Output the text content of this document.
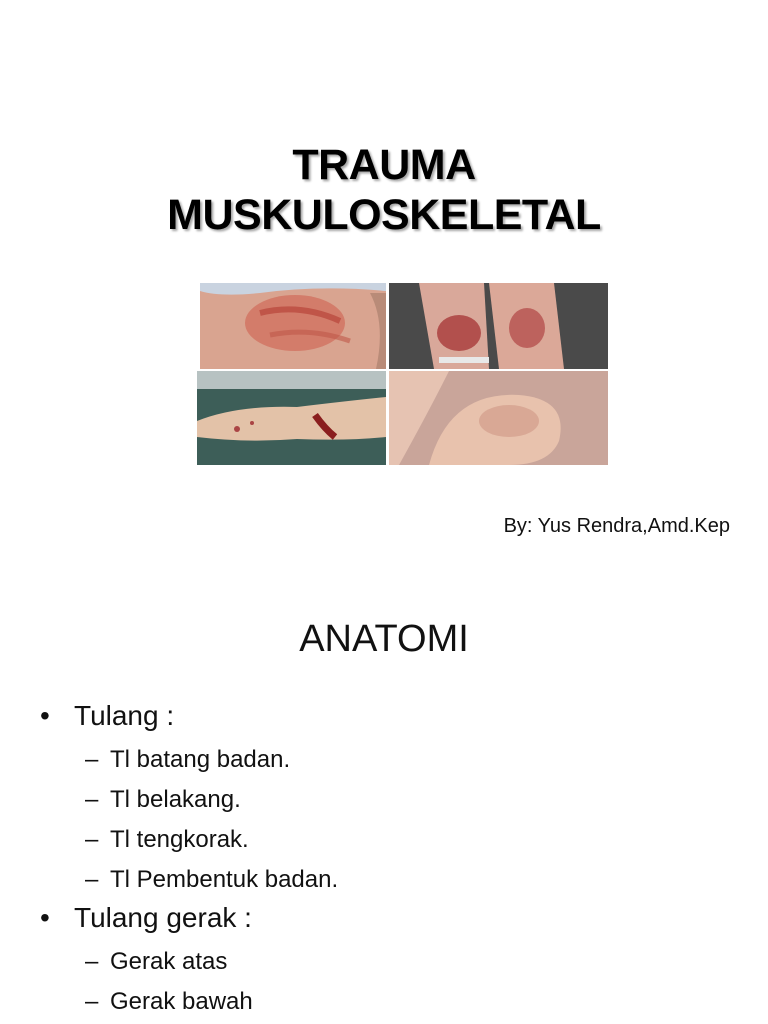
TRAUMA
MUSKULOSKELETAL
By: Yus Rendra,Amd.Kep
ANATOMI
• Tulang :
– Tl batang badan.
– Tl belakang.
– Tl tengkorak.
– Tl Pembentuk badan.
• Tulang gerak :
– Gerak atas
– Gerak bawah
